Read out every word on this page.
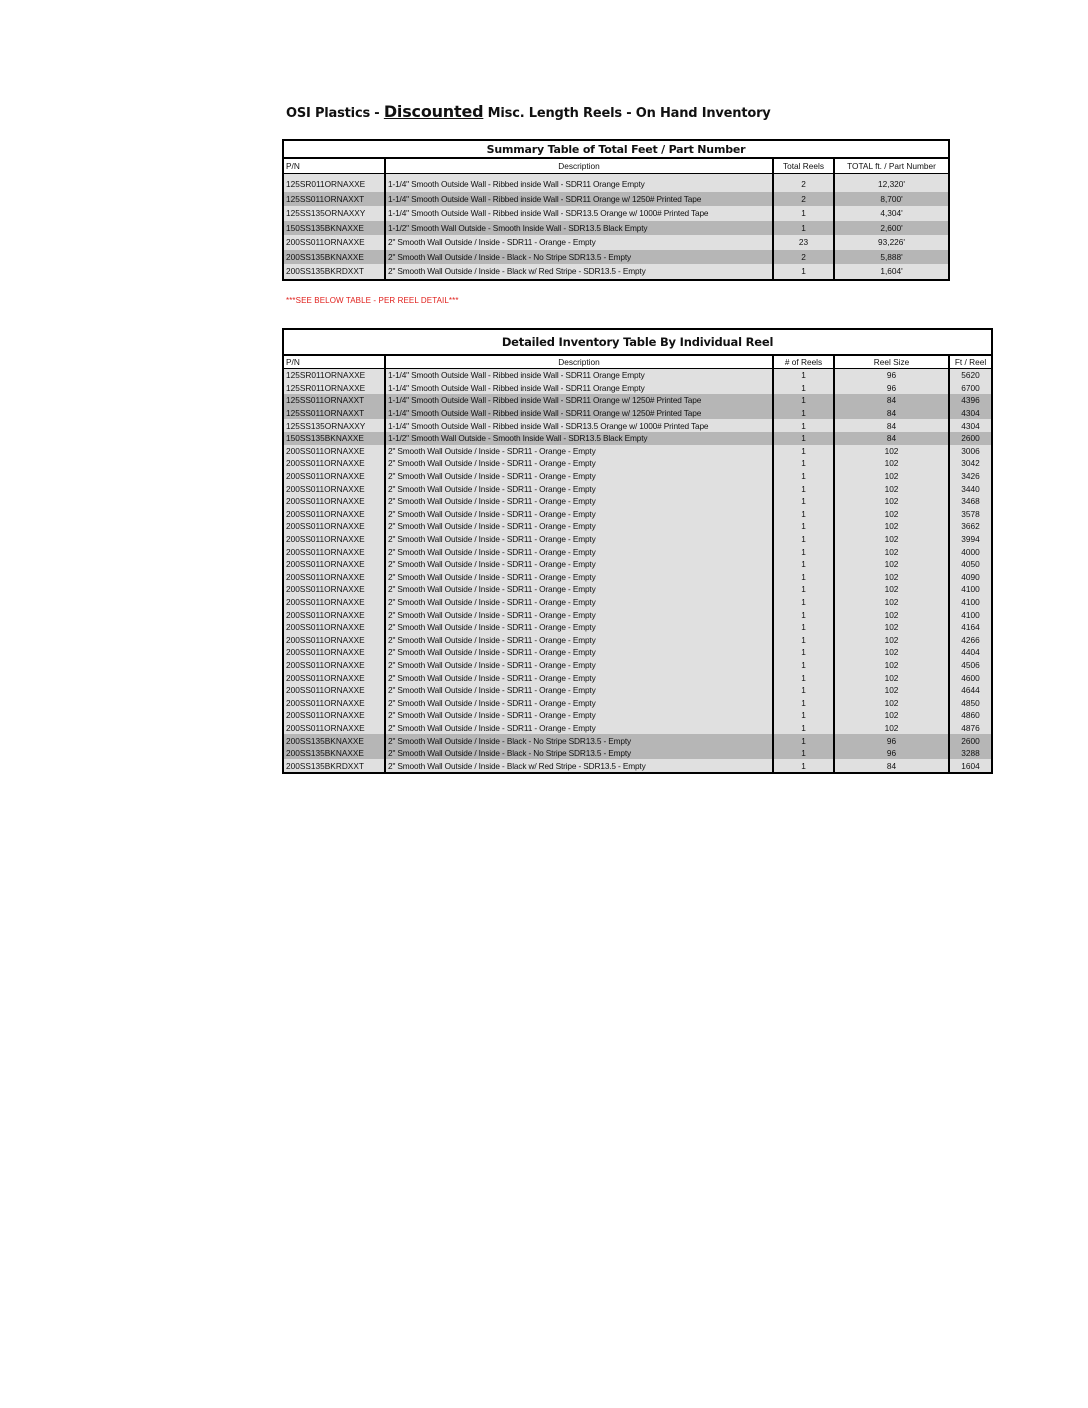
OSI Plastics - Discounted Misc. Length Reels - On Hand Inventory
Summary Table of Total Feet / Part Number			
P/N	Description	Total Reels	TOTAL ft. / Part Number
125SR011ORNAXXE	1-1/4" Smooth Outside Wall - Ribbed inside Wall - SDR11 Orange Empty	2	12,320'
125SS011ORNAXXT	1-1/4" Smooth Outside Wall - Ribbed inside Wall - SDR11 Orange w/ 1250# Printed Tape	2	8,700'
125SS135ORNAXXY	1-1/4" Smooth Outside Wall - Ribbed inside Wall - SDR13.5 Orange w/ 1000# Printed Tape	1	4,304'
150SS135BKNAXXE	1-1/2" Smooth Wall Outside - Smooth Inside Wall - SDR13.5 Black Empty	1	2,600'
200SS011ORNAXXE	2" Smooth Wall Outside / Inside - SDR11 - Orange - Empty	23	93,226'
200SS135BKNAXXE	2" Smooth Wall Outside / Inside - Black - No Stripe SDR13.5 - Empty	2	5,888'
200SS135BKRDXXT	2" Smooth Wall Outside / Inside - Black w/ Red Stripe - SDR13.5 - Empty	1	1,604'
***SEE BELOW TABLE - PER REEL DETAIL***
Detailed Inventory Table By Individual Reel				
P/N	Description	# of Reels	Reel Size	Ft / Reel
125SR011ORNAXXE	1-1/4" Smooth Outside Wall - Ribbed inside Wall - SDR11 Orange Empty	1	96	5620
125SR011ORNAXXE	1-1/4" Smooth Outside Wall - Ribbed inside Wall - SDR11 Orange Empty	1	96	6700
125SS011ORNAXXT	1-1/4" Smooth Outside Wall - Ribbed inside Wall - SDR11 Orange w/ 1250# Printed Tape	1	84	4396
125SS011ORNAXXT	1-1/4" Smooth Outside Wall - Ribbed inside Wall - SDR11 Orange w/ 1250# Printed Tape	1	84	4304
125SS135ORNAXXY	1-1/4" Smooth Outside Wall - Ribbed inside Wall - SDR13.5 Orange w/ 1000# Printed Tape	1	84	4304
150SS135BKNAXXE	1-1/2" Smooth Wall Outside - Smooth Inside Wall - SDR13.5 Black Empty	1	84	2600
200SS011ORNAXXE	2" Smooth Wall Outside / Inside - SDR11 - Orange - Empty	1	102	3006
200SS011ORNAXXE	2" Smooth Wall Outside / Inside - SDR11 - Orange - Empty	1	102	3042
200SS011ORNAXXE	2" Smooth Wall Outside / Inside - SDR11 - Orange - Empty	1	102	3426
200SS011ORNAXXE	2" Smooth Wall Outside / Inside - SDR11 - Orange - Empty	1	102	3440
200SS011ORNAXXE	2" Smooth Wall Outside / Inside - SDR11 - Orange - Empty	1	102	3468
200SS011ORNAXXE	2" Smooth Wall Outside / Inside - SDR11 - Orange - Empty	1	102	3578
200SS011ORNAXXE	2" Smooth Wall Outside / Inside - SDR11 - Orange - Empty	1	102	3662
200SS011ORNAXXE	2" Smooth Wall Outside / Inside - SDR11 - Orange - Empty	1	102	3994
200SS011ORNAXXE	2" Smooth Wall Outside / Inside - SDR11 - Orange - Empty	1	102	4000
200SS011ORNAXXE	2" Smooth Wall Outside / Inside - SDR11 - Orange - Empty	1	102	4050
200SS011ORNAXXE	2" Smooth Wall Outside / Inside - SDR11 - Orange - Empty	1	102	4090
200SS011ORNAXXE	2" Smooth Wall Outside / Inside - SDR11 - Orange - Empty	1	102	4100
200SS011ORNAXXE	2" Smooth Wall Outside / Inside - SDR11 - Orange - Empty	1	102	4100
200SS011ORNAXXE	2" Smooth Wall Outside / Inside - SDR11 - Orange - Empty	1	102	4100
200SS011ORNAXXE	2" Smooth Wall Outside / Inside - SDR11 - Orange - Empty	1	102	4164
200SS011ORNAXXE	2" Smooth Wall Outside / Inside - SDR11 - Orange - Empty	1	102	4266
200SS011ORNAXXE	2" Smooth Wall Outside / Inside - SDR11 - Orange - Empty	1	102	4404
200SS011ORNAXXE	2" Smooth Wall Outside / Inside - SDR11 - Orange - Empty	1	102	4506
200SS011ORNAXXE	2" Smooth Wall Outside / Inside - SDR11 - Orange - Empty	1	102	4600
200SS011ORNAXXE	2" Smooth Wall Outside / Inside - SDR11 - Orange - Empty	1	102	4644
200SS011ORNAXXE	2" Smooth Wall Outside / Inside - SDR11 - Orange - Empty	1	102	4850
200SS011ORNAXXE	2" Smooth Wall Outside / Inside - SDR11 - Orange - Empty	1	102	4860
200SS011ORNAXXE	2" Smooth Wall Outside / Inside - SDR11 - Orange - Empty	1	102	4876
200SS135BKNAXXE	2" Smooth Wall Outside / Inside - Black - No Stripe SDR13.5 - Empty	1	96	2600
200SS135BKNAXXE	2" Smooth Wall Outside / Inside - Black - No Stripe SDR13.5 - Empty	1	96	3288
200SS135BKRDXXT	2" Smooth Wall Outside / Inside - Black w/ Red Stripe - SDR13.5 - Empty	1	84	1604
